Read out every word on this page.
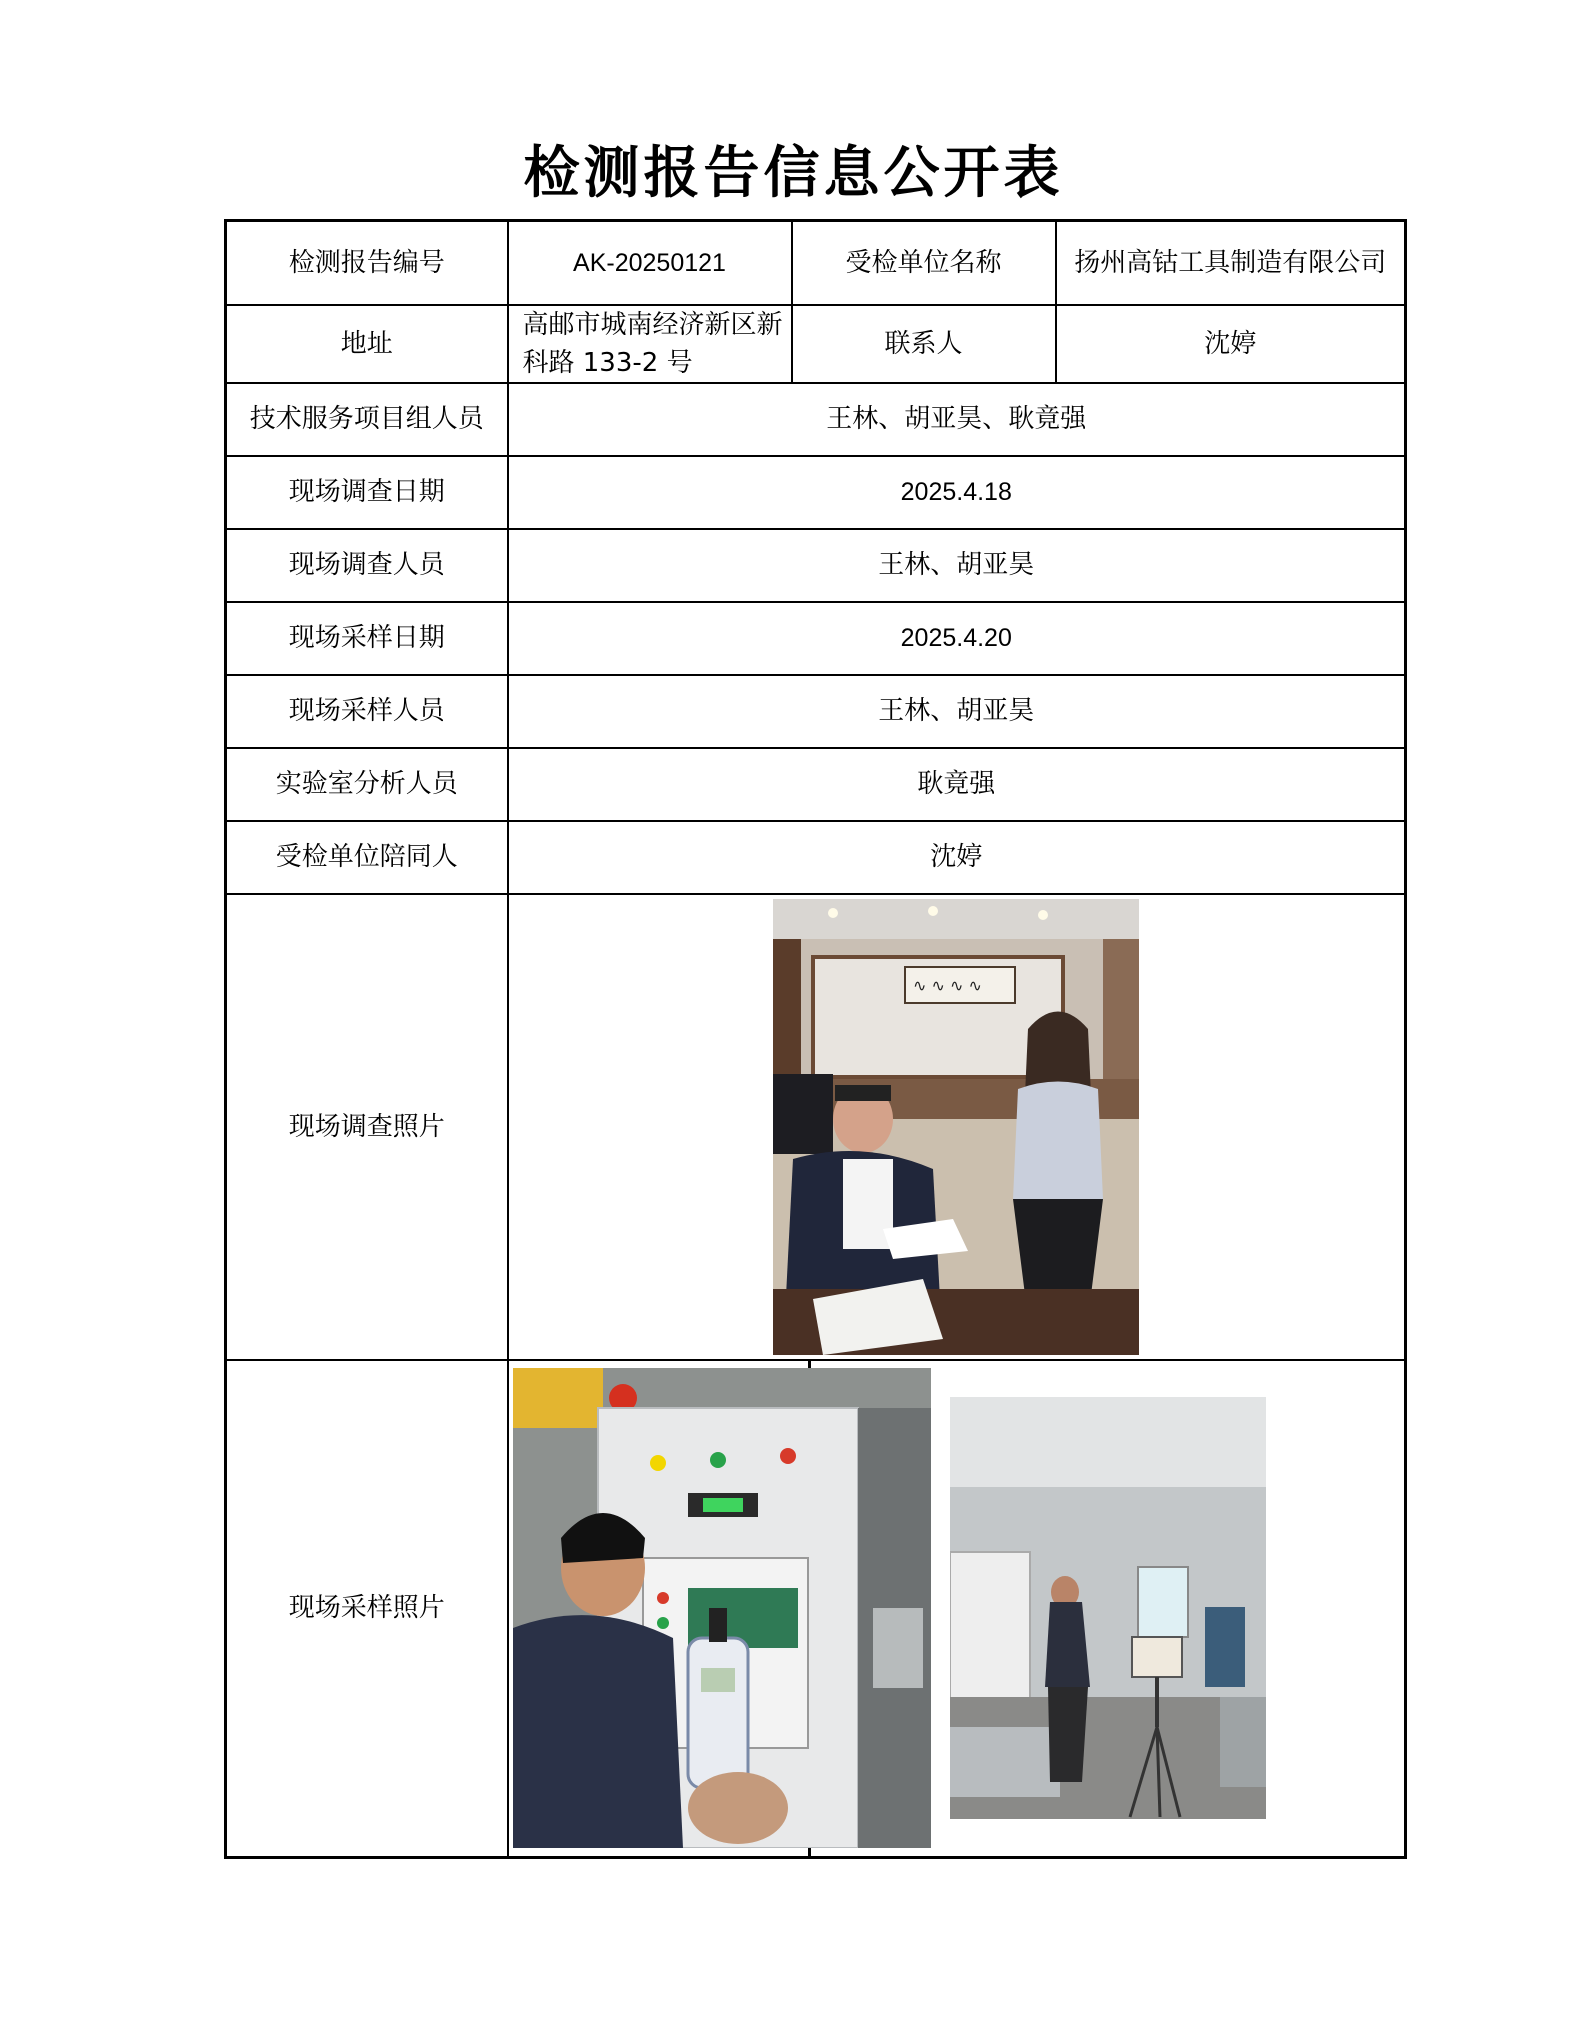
检测报告信息公开表
检测报告编号	AK-20250121	受检单位名称		扬州高钴工具制造有限公司
地址	高邮市城南经济新区新科路 133-2 号	联系人		沈婷
技术服务项目组人员	王林、胡亚昊、耿竟强			
现场调查日期	2025.4.18			
现场调查人员	王林、胡亚昊			
现场采样日期	2025.4.20			
现场采样人员	王林、胡亚昊			
实验室分析人员	耿竟强			
受检单位陪同人	沈婷			
现场调查照片	∿ ∿ ∿ ∿			

现场采样照片	
